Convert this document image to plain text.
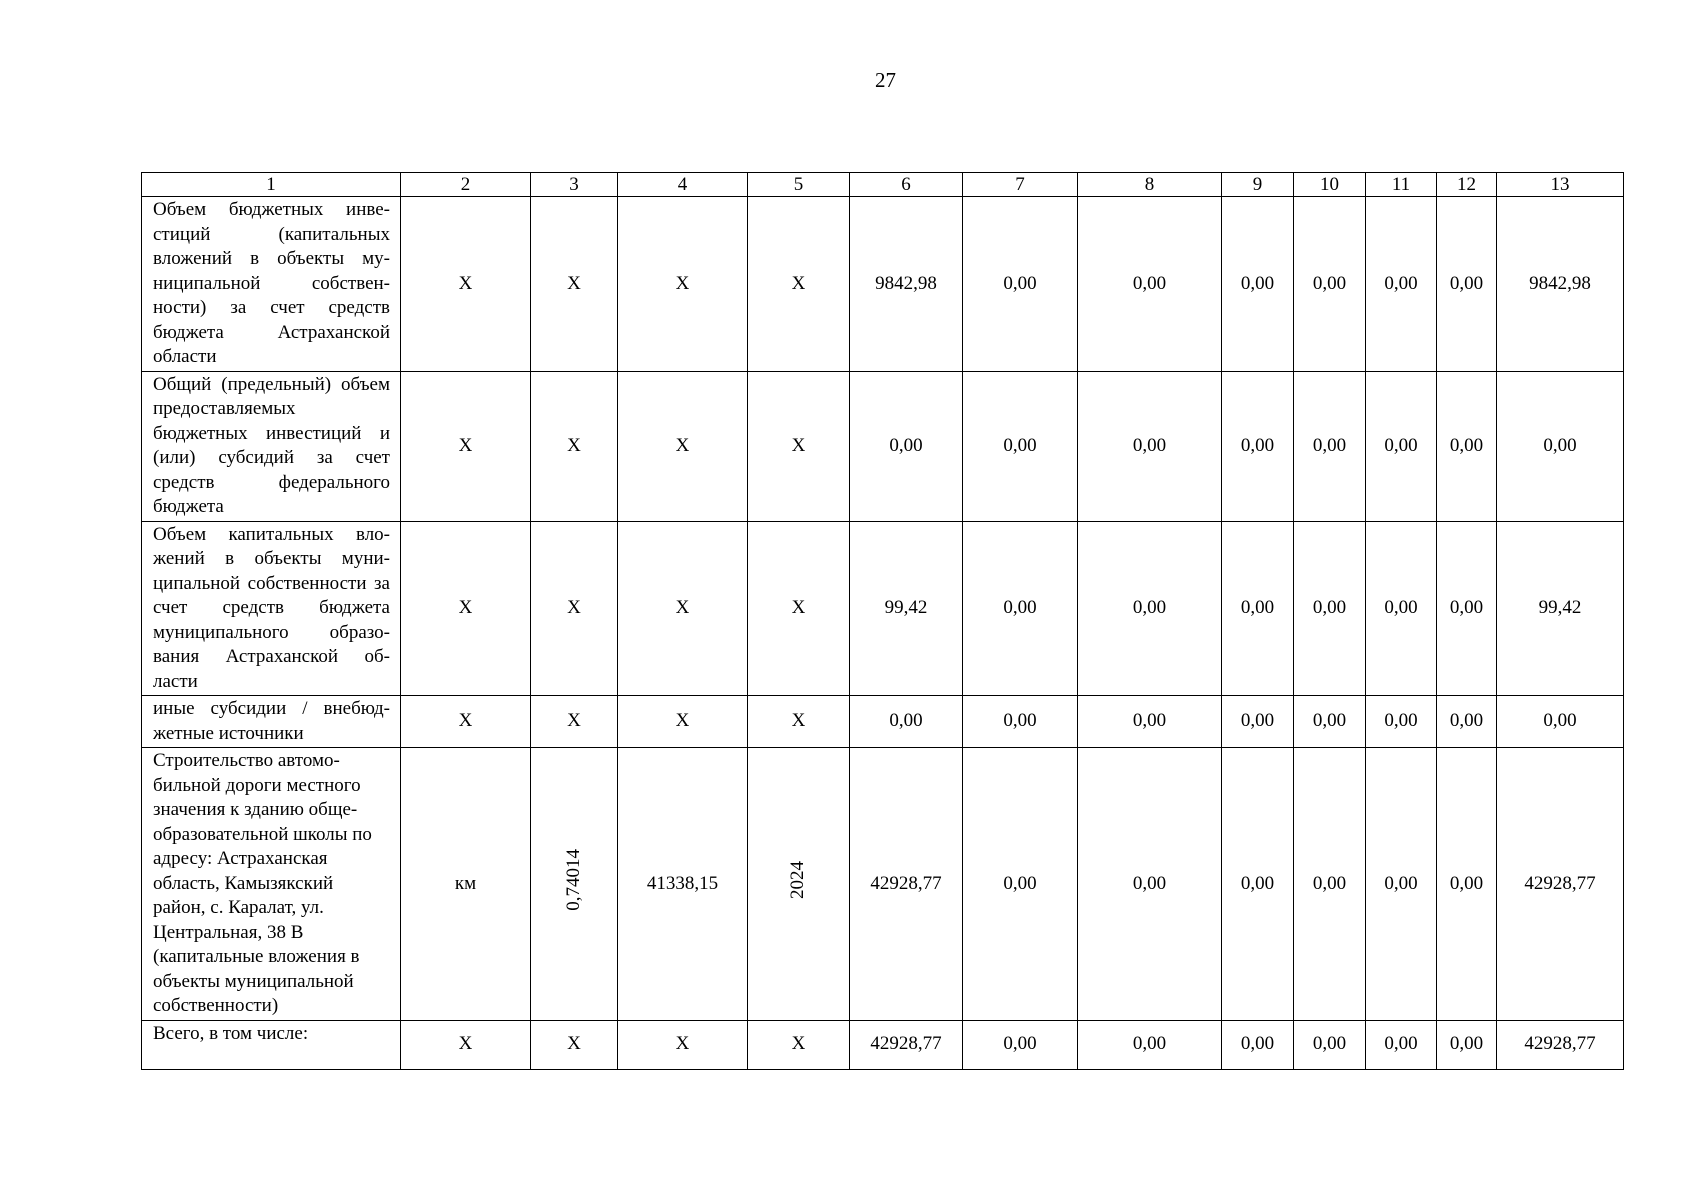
27
1	2	3	4	5	6	7	8	9	10	11	12	13
Объем бюджетных инве-стиций (капитальных вложений в объекты му-ниципальной собствен-ности) за счет средств бюджета Астраханской области	Х	Х	Х	Х	9842,98	0,00	0,00	0,00	0,00	0,00	0,00	9842,98
Общий (предельный) объем предоставляемых бюджетных инвестиций и (или) субсидий за счет средств федерального бюджета	Х	Х	Х	Х	0,00	0,00	0,00	0,00	0,00	0,00	0,00	0,00
Объем капитальных вло-жений в объекты муни-ципальной собственности за счет средств бюджета муниципального образо-вания Астраханской об-ласти	Х	Х	Х	Х	99,42	0,00	0,00	0,00	0,00	0,00	0,00	99,42
иные субсидии / внебюд-жетные источники	Х	Х	Х	Х	0,00	0,00	0,00	0,00	0,00	0,00	0,00	0,00
Строительство автомо-бильной дороги местного значения к зданию обще-образовательной школы по адресу: Астраханская область, Камызякский район, с. Каралат, ул. Центральная, 38 В (капитальные вложения в объекты муниципальной собственности)	км	0,74014	41338,15	2024	42928,77	0,00	0,00	0,00	0,00	0,00	0,00	42928,77
Всего, в том числе:	Х	Х	Х	Х	42928,77	0,00	0,00	0,00	0,00	0,00	0,00	42928,77
